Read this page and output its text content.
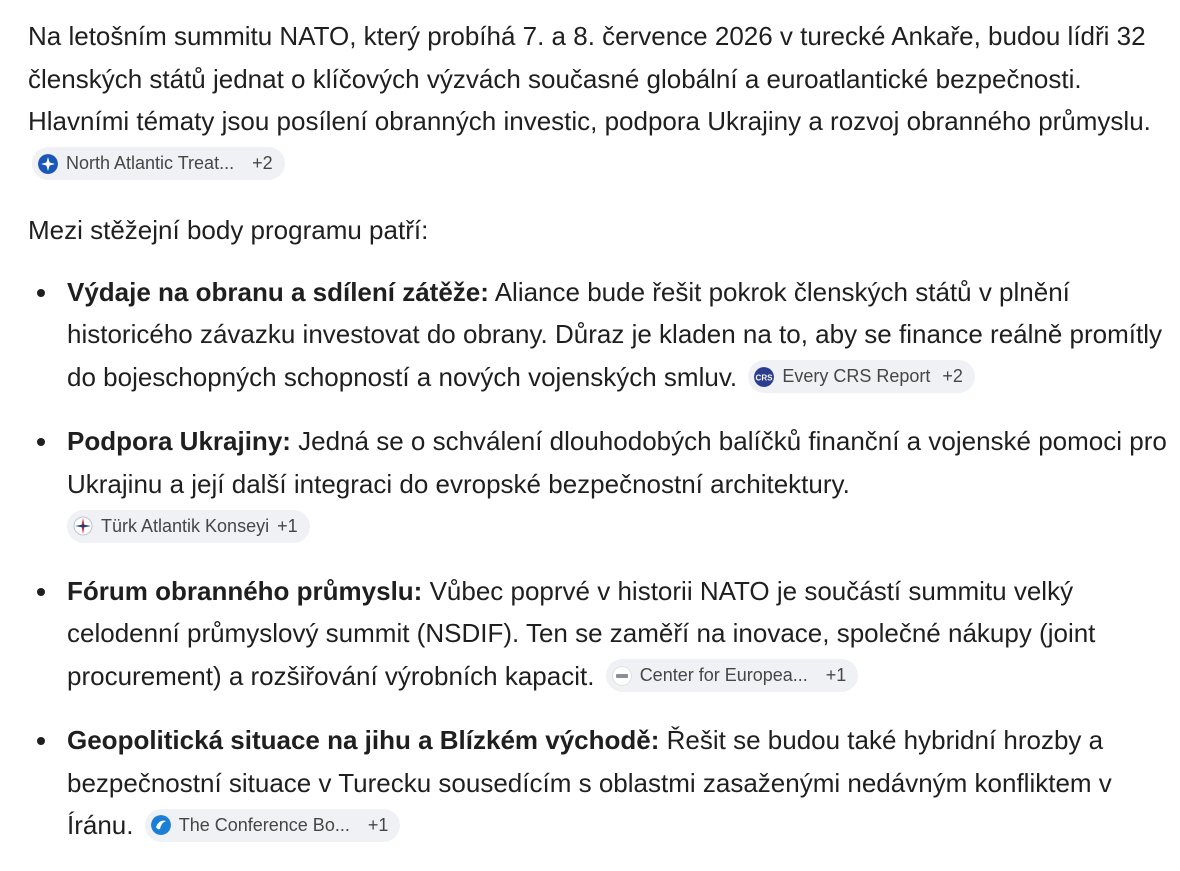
Na letošním summitu NATO, který probíhá 7. a 8. července 2026 v turecké Ankaře, budou lídři 32 členských států jednat o klíčových výzvách současné globální a euroatlantické bezpečnosti. Hlavními tématy jsou posílení obranných investic, podpora Ukrajiny a rozvoj obranného průmyslu.
North Atlantic Treat... +2

Mezi stěžejní body programu patří:

Výdaje na obranu a sdílení zátěže: Aliance bude řešit pokrok členských států v plnění historicého závazku investovat do obrany. Důraz je kladen na to, aby se finance reálně promítly do bojeschopných schopností a nových vojenských smluv. CRS Every CRS Report +2
Podpora Ukrajiny: Jedná se o schválení dlouhodobých balíčků finanční a vojenské pomoci pro Ukrajinu a její další integraci do evropské bezpečnostní architektury.

Türk Atlantik Konseyi +1
Fórum obranného průmyslu: Vůbec poprvé v historii NATO je součástí summitu velký celodenní průmyslový summit (NSDIF). Ten se zaměří na inovace, společné nákupy (joint procurement) a rozšiřování výrobních kapacit.	Center for Europea... +1
Geopolitická situace na jihu a Blízkém východě: Řešit se budou také hybridní hrozby a bezpečnostní situace v Turecku sousedícím s oblastmi zasaženými nedávným konfliktem v Íránu.	The Conference Bo... +1
